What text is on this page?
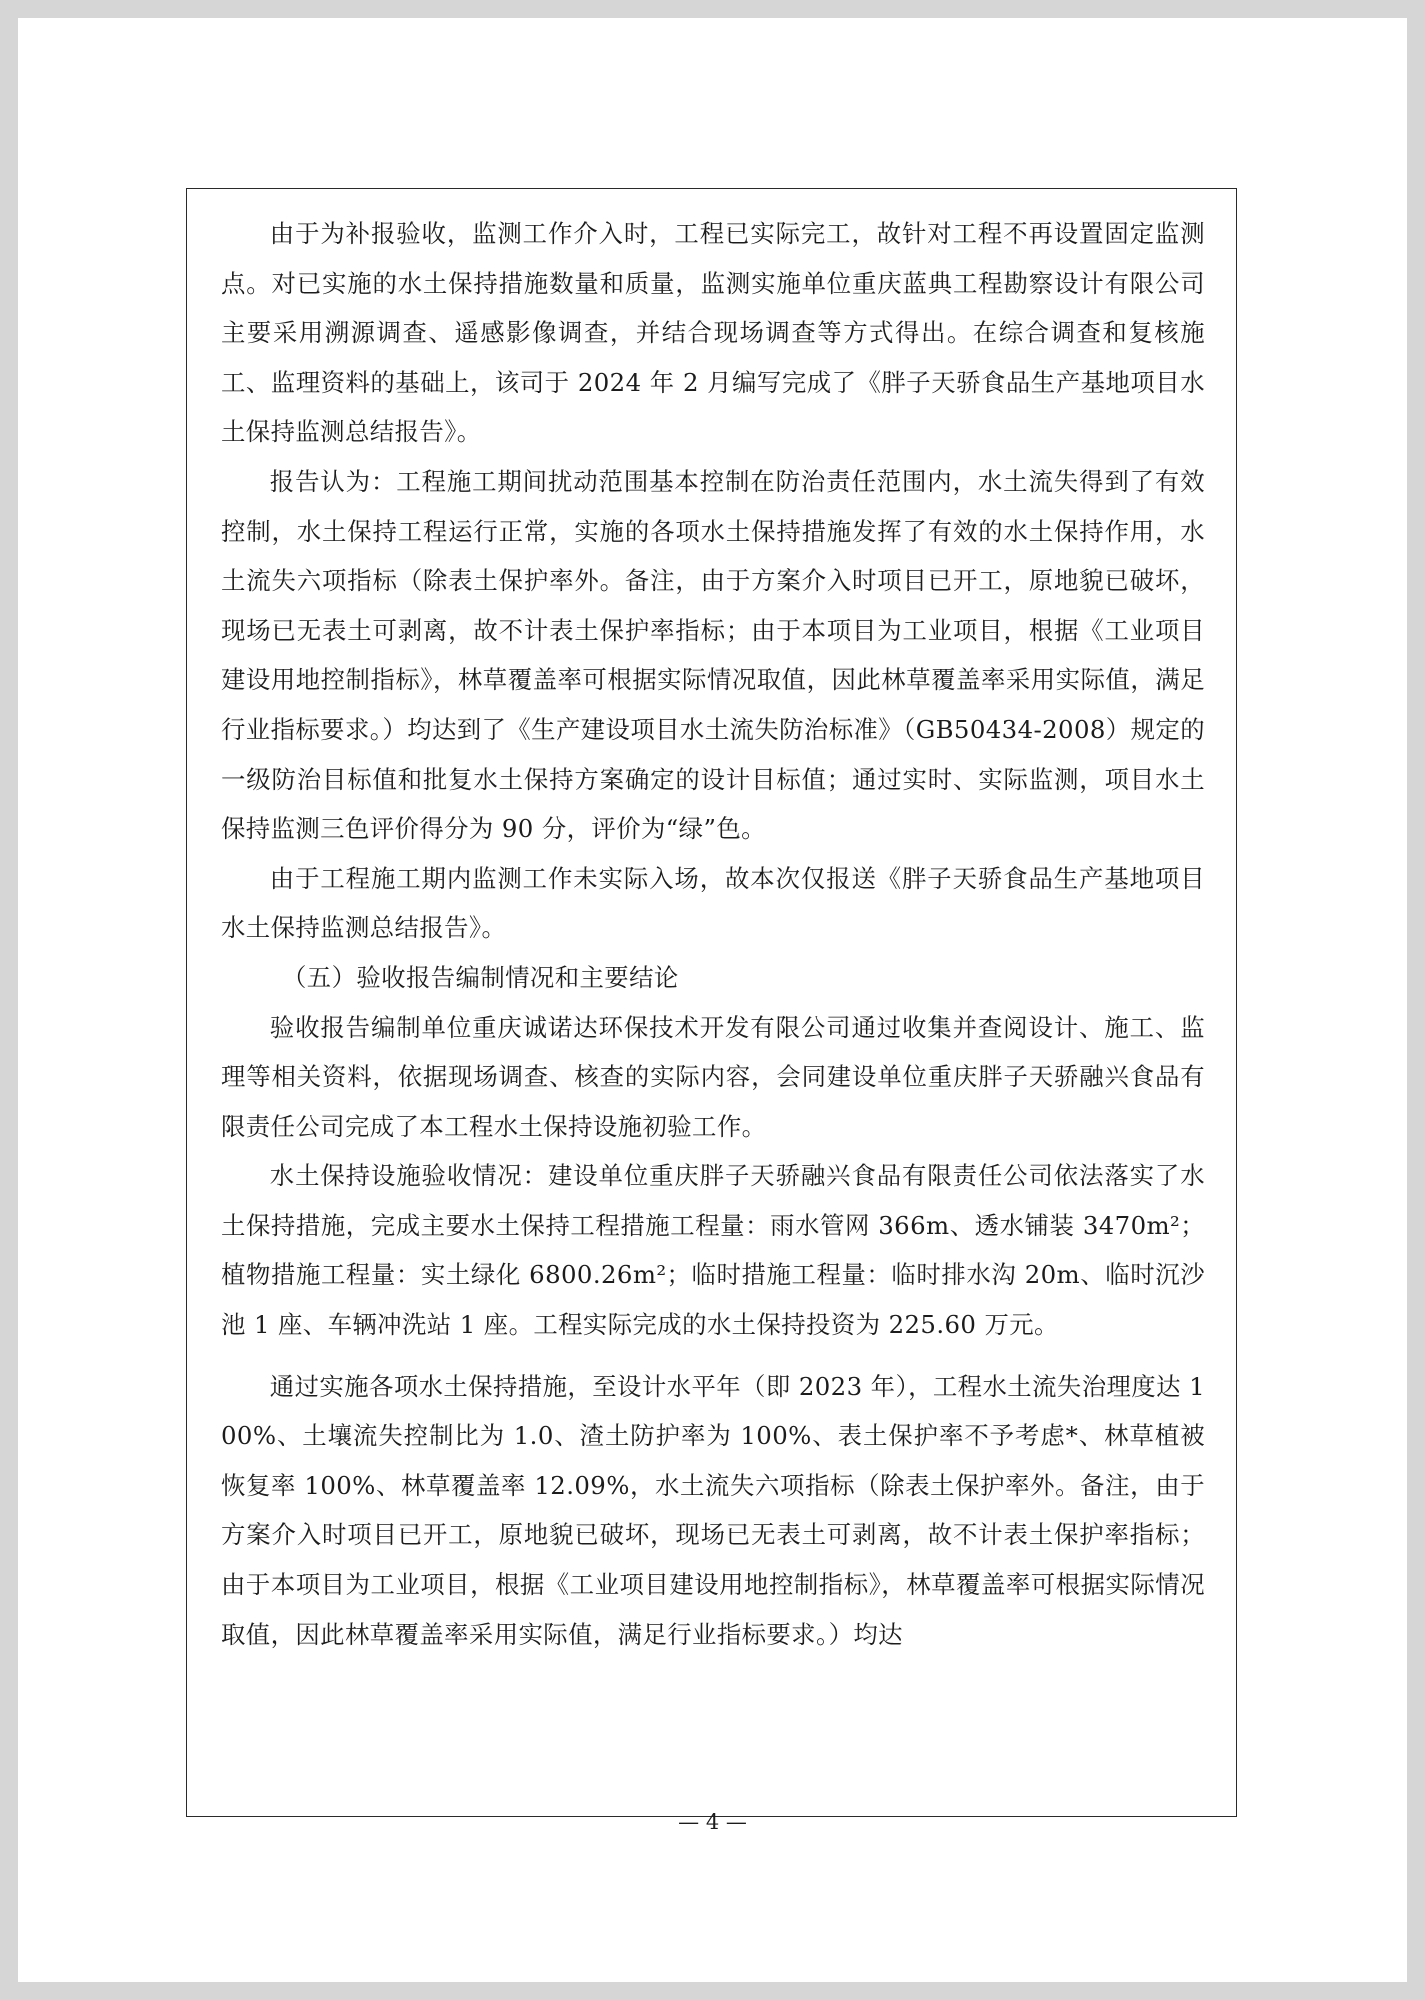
由于为补报验收，监测工作介入时，工程已实际完工，故针对工程不再设置固定监测点。对已实施的水土保持措施数量和质量，监测实施单位重庆蓝典工程勘察设计有限公司主要采用溯源调查、遥感影像调查，并结合现场调查等方式得出。在综合调查和复核施工、监理资料的基础上，该司于 2024 年 2 月编写完成了《胖子天骄食品生产基地项目水土保持监测总结报告》。

报告认为：工程施工期间扰动范围基本控制在防治责任范围内，水土流失得到了有效控制，水土保持工程运行正常，实施的各项水土保持措施发挥了有效的水土保持作用，水土流失六项指标（除表土保护率外。备注，由于方案介入时项目已开工，原地貌已破坏，现场已无表土可剥离，故不计表土保护率指标；由于本项目为工业项目，根据《工业项目建设用地控制指标》，林草覆盖率可根据实际情况取值，因此林草覆盖率采用实际值，满足行业指标要求。）均达到了《生产建设项目水土流失防治标准》（GB50434-2008）规定的一级防治目标值和批复水土保持方案确定的设计目标值；通过实时、实际监测，项目水土保持监测三色评价得分为 90 分，评价为“绿”色。

由于工程施工期内监测工作未实际入场，故本次仅报送《胖子天骄食品生产基地项目水土保持监测总结报告》。

（五）验收报告编制情况和主要结论

验收报告编制单位重庆诚诺达环保技术开发有限公司通过收集并查阅设计、施工、监理等相关资料，依据现场调查、核查的实际内容，会同建设单位重庆胖子天骄融兴食品有限责任公司完成了本工程水土保持设施初验工作。

水土保持设施验收情况：建设单位重庆胖子天骄融兴食品有限责任公司依法落实了水土保持措施，完成主要水土保持工程措施工程量：雨水管网 366m、透水铺装 3470m²；植物措施工程量：实土绿化 6800.26m²；临时措施工程量：临时排水沟 20m、临时沉沙池 1 座、车辆冲洗站 1 座。工程实际完成的水土保持投资为 225.60 万元。

通过实施各项水土保持措施，至设计水平年（即 2023 年），工程水土流失治理度达 100%、土壤流失控制比为 1.0、渣土防护率为 100%、表土保护率不予考虑*、林草植被恢复率 100%、林草覆盖率 12.09%，水土流失六项指标（除表土保护率外。备注，由于方案介入时项目已开工，原地貌已破坏，现场已无表土可剥离，故不计表土保护率指标；由于本项目为工业项目，根据《工业项目建设用地控制指标》，林草覆盖率可根据实际情况取值，因此林草覆盖率采用实际值，满足行业指标要求。）均达

— 4 —
